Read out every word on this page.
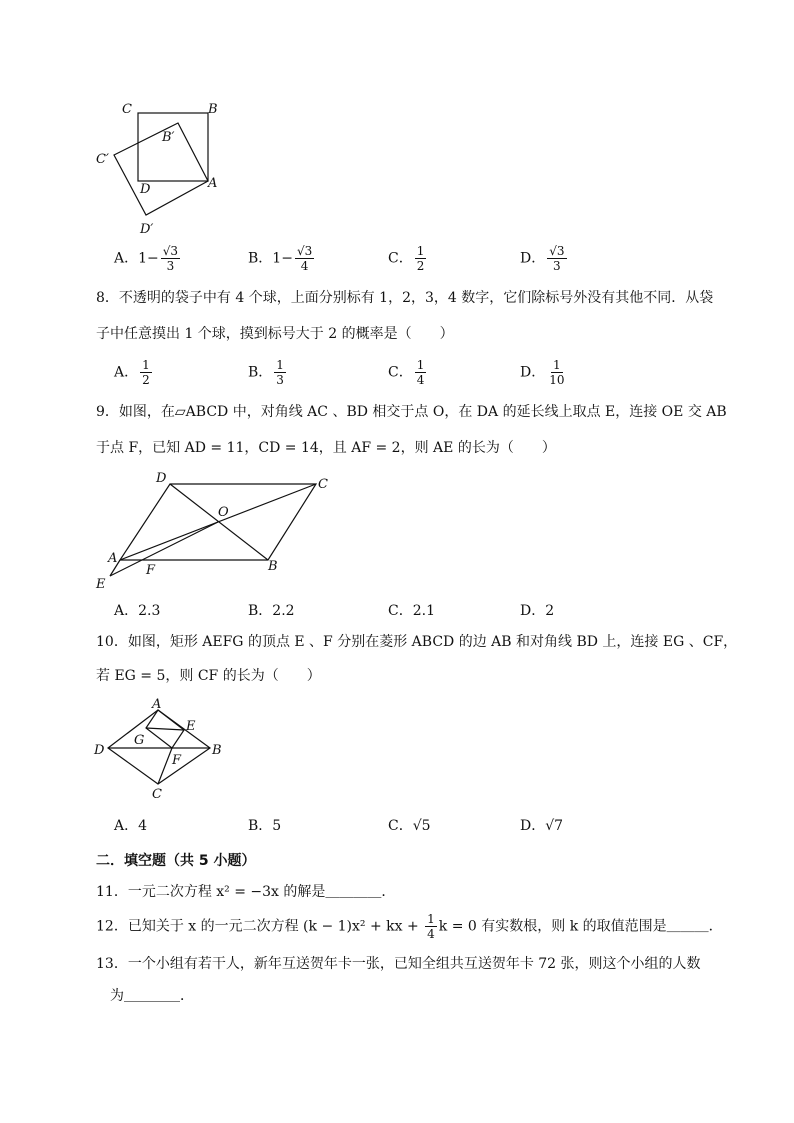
C	B
B′
C′
D	A
D′
A．$1- \frac{√3}{3}$	B．$1- \frac{√3}{4}$	C． $\frac{1}{2}$	D． $\frac{√3}{3}$
8．不透明的袋子中有 4 个球，上面分别标有 1，2，3，4 数字，它们除标号外没有其他不同．从袋
子中任意摸出 1 个球，摸到标号大于 2 的概率是（　　）
A． $\frac{1}{2}$	B． $\frac{1}{3}$	C． $\frac{1}{4}$	D． $\frac{1}{10}$
9．如图，在▱ABCD 中，对角线 AC 、BD 相交于点 O，在 DA 的延长线上取点 E，连接 OE 交 AB
于点 F，已知 AD = 11，CD = 14，且 AF = 2，则 AE 的长为（　　）
D	C
O
A
B
E
F
A．2.3	B．2.2	C．2.1	D．2
10．如图，矩形 AEFG 的顶点 E 、F 分别在菱形 ABCD 的边 AB 和对角线 BD 上，连接 EG 、CF，
若 EG = 5，则 CF 的长为（　　）
A
E
G
D	B
F
C
A．4	B．5	C．√5	D．√7
二．填空题（共 5 小题）
11．一元二次方程 x² = −3x 的解是＿＿＿＿．
12．已知关于 x 的一元二次方程 (k − 1)x² + kx + $\frac{1}{4}$ k = 0 有实数根，则 k 的取值范围是＿＿＿．
13．一个小组有若干人，新年互送贺年卡一张，已知全组共互送贺年卡 72 张，则这个小组的人数
为＿＿＿＿．
